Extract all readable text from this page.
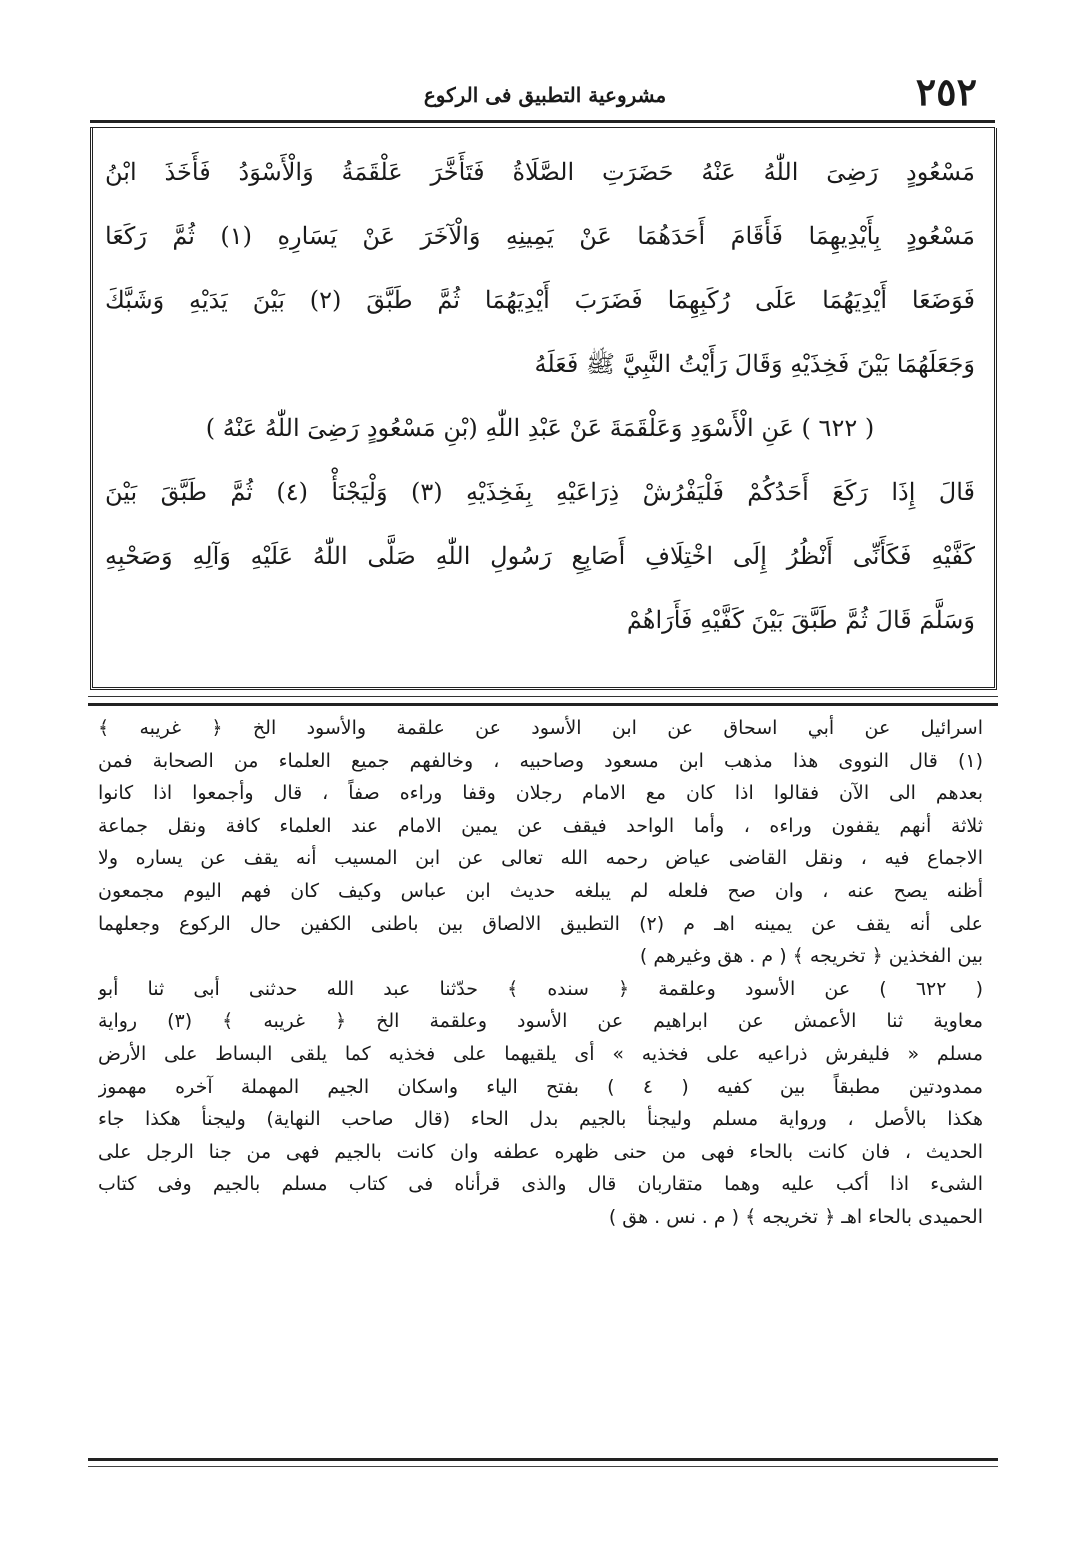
٢٥٢
مشروعية التطبيق فى الركوع
مَسْعُودٍ رَضِىَ اللّٰهُ عَنْهُ حَضَرَتِ الصَّلَاةُ فَتَأَخَّرَ عَلْقَمَةُ وَالْأَسْوَدُ فَأَخَذَ ابْنُ
مَسْعُودٍ بِأَيْدِيهِمَا فَأَقَامَ أَحَدَهُمَا عَنْ يَمِينِهِ وَالْآخَرَ عَنْ يَسَارِهِ (١) ثُمَّ رَكَعَا
فَوَضَعَا أَيْدِيَهُمَا عَلَى رُكَبِهِمَا فَضَرَبَ أَيْدِيَهُمَا ثُمَّ طَبَّقَ (٢) بَيْنَ يَدَيْهِ وَشَبَّكَ
وَجَعَلَهُمَا بَيْنَ فَخِذَيْهِ وَقَالَ رَأَيْتُ النَّبِيَّ ﷺ فَعَلَهُ
( ٦٢٢ ) عَنِ الْأَسْوَدِ وَعَلْقَمَةَ عَنْ عَبْدِ اللّٰهِ (بْنِ مَسْعُودٍ رَضِىَ اللّٰهُ عَنْهُ )
قَالَ إِذَا رَكَعَ أَحَدُكُمْ فَلْيَفْرُشْ ذِرَاعَيْهِ بِفَخِذَيْهِ (٣) وَلْيَجْنَأْ (٤) ثُمَّ طَبَّقَ بَيْنَ
كَفَّيْهِ فَكَأَنِّى أَنْظُرُ إِلَى اخْتِلَافِ أَصَابِعِ رَسُولِ اللّٰهِ صَلَّى اللّٰهُ عَلَيْهِ وَآلِهِ وَصَحْبِهِ
وَسَلَّمَ قَالَ ثُمَّ طَبَّقَ بَيْنَ كَفَّيْهِ فَأَرَاهُمْ
اسرائيل عن أبي اسحاق عن ابن الأسود عن علقمة والأسود الخ ﴿ غريبه ﴾
(١) قال النووى هذا مذهب ابن مسعود وصاحبيه ، وخالفهم جميع العلماء من الصحابة فمن
بعدهم الى الآن فقالوا اذا كان مع الامام رجلان وقفا وراءه صفاً ، قال وأجمعوا اذا كانوا
ثلاثة أنهم يقفون وراءه ، وأما الواحد فيقف عن يمين الامام عند العلماء كافة ونقل جماعة
الاجماع فيه ، ونقل القاضى عياض رحمه الله تعالى عن ابن المسيب أنه يقف عن يساره ولا
أظنه يصح عنه ، وان صح فلعله لم يبلغه حديث ابن عباس وكيف كان فهم اليوم مجمعون
على أنه يقف عن يمينه اهـ م (٢) التطبيق الالصاق بين باطنى الكفين حال الركوع وجعلهما
بين الفخذين ﴿ تخريجه ﴾ ( م . هق وغيرهم )
( ٦٢٢ ) عن الأسود وعلقمة ﴿ سنده ﴾ حدّثنا عبد الله حدثنى أبى ثنا أبو
معاوية ثنا الأعمش عن ابراهيم عن الأسود وعلقمة الخ ﴿ غريبه ﴾ (٣) رواية
مسلم « فليفرش ذراعيه على فخذيه » أى يلقيهما على فخذيه كما يلقى البساط على الأرض
ممدودتين مطبقاً بين كفيه ( ٤ ) بفتح الياء واسكان الجيم المهملة آخره مهموز
هكذا بالأصل ، ورواية مسلم وليجنأ بالجيم بدل الحاء (قال صاحب النهاية) وليجنأ هكذا جاء
الحديث ، فان كانت بالحاء فهى من حنى ظهره عطفه وان كانت بالجيم فهى من جنا الرجل على
الشىء اذا أكب عليه وهما متقاربان قال والذى قرأناه فى كتاب مسلم بالجيم وفى كتاب
الحميدى بالحاء اهـ ﴿ تخريجه ﴾ ( م . نس . هق )
